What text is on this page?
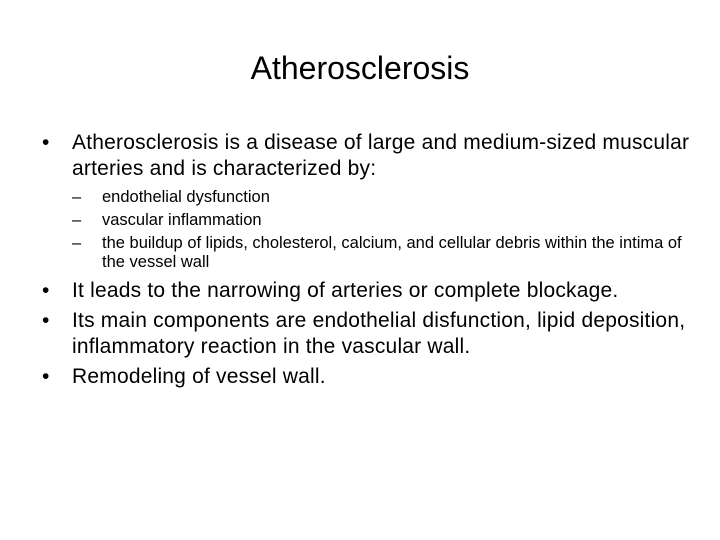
Atherosclerosis
• Atherosclerosis is a disease of large and medium-sized muscular arteries and is characterized by:
– endothelial dysfunction
– vascular inflammation
– the buildup of lipids, cholesterol, calcium, and cellular debris within the intima of the vessel wall
• It leads to the narrowing of arteries or complete blockage.
• Its main components are endothelial disfunction, lipid deposition, inflammatory reaction in the vascular wall.
• Remodeling of vessel wall.
